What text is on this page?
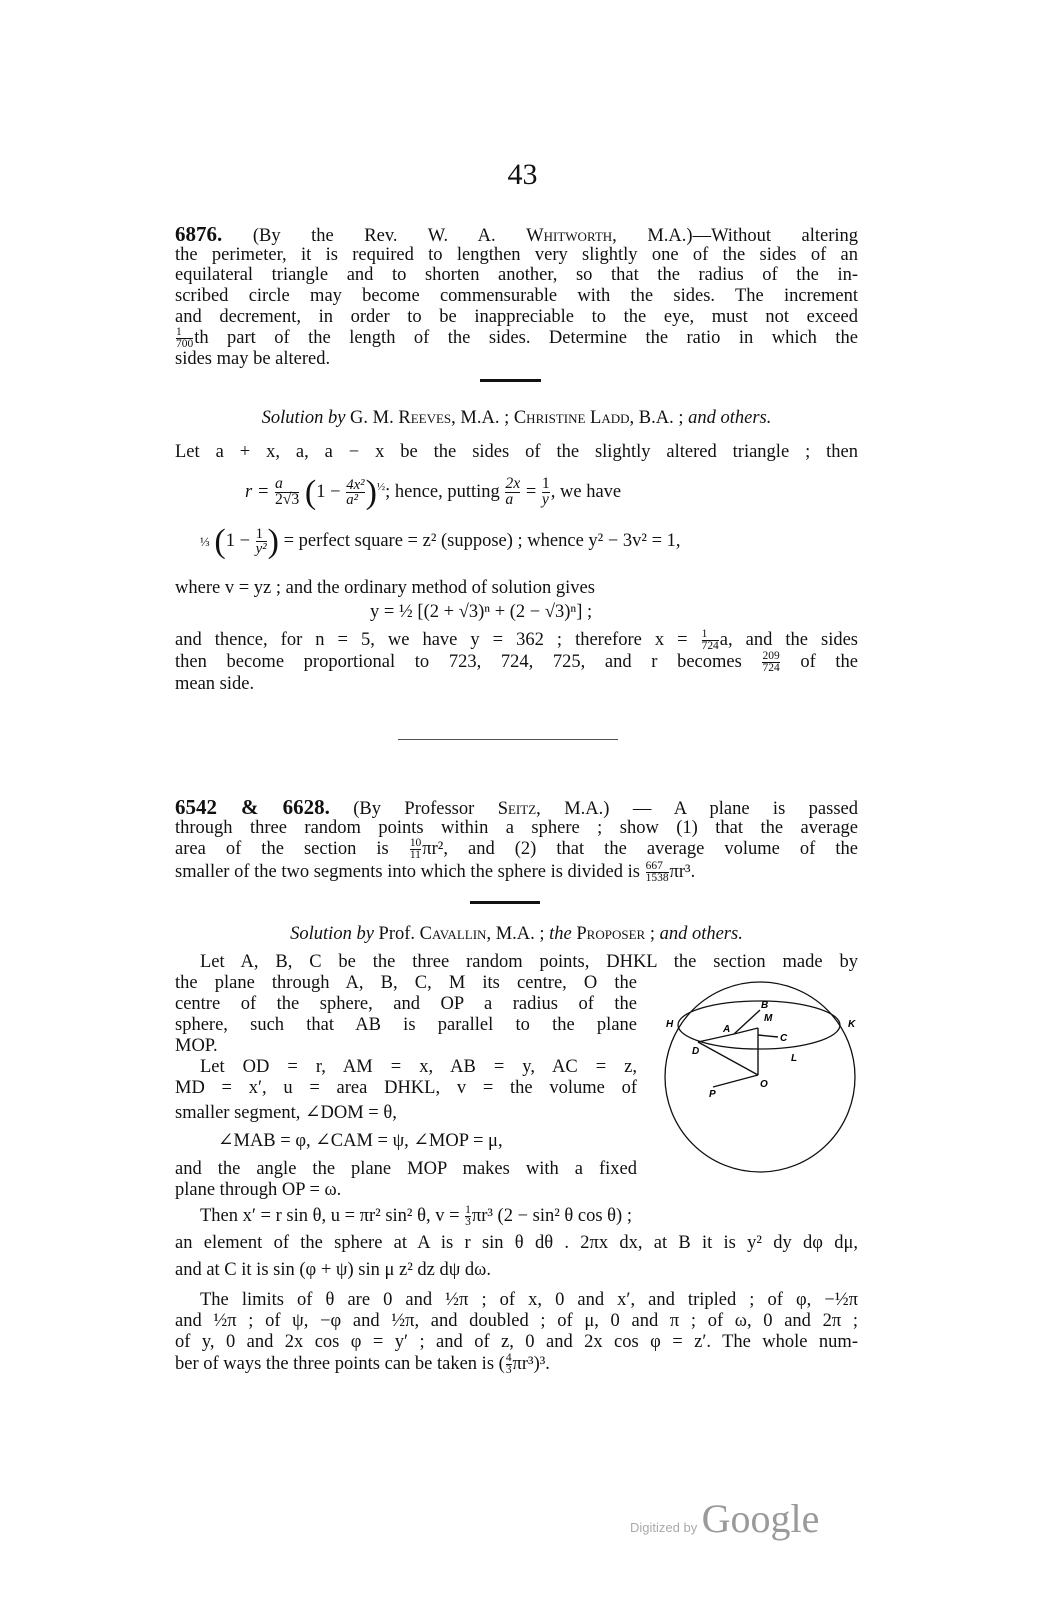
43
6876. (By the Rev. W. A. Whitworth, M.A.)—Without altering
the perimeter, it is required to lengthen very slightly one of the sides of an
equilateral triangle and to shorten another, so that the radius of the in-
scribed circle may become commensurable with the sides. The increment
and decrement, in order to be inappreciable to the eye, must not exceed
$\frac{1}{700}$ th part of the length of the sides. Determine the ratio in which the
sides may be altered.
Solution by G. M. Reeves, M.A. ; Christine Ladd, B.A. ; and others.
Let a + x, a, a − x be the sides of the slightly altered triangle ; then
$r = \frac{a}{2√3} (1 - \frac{\text{4x²}}{\text{a²}} )^{\frac{1}{2}}$; hence, putting $\frac{2x}{a} = \frac{1}{y}$ , we have
⅓ ($1 - \frac{1}{\text{y²}}$ ) = perfect square = z² (suppose) ; whence y² − 3v² = 1,
where v = yz ; and the ordinary method of solution gives
y = ½ [(2 + √3)ⁿ + (2 − √3)ⁿ] ;
and thence, for n = 5, we have y = 362 ; therefore $x = \frac{1}{724} a$, and the sides
then become proportional to 723, 724, 725, and r becomes $\frac{209}{724}$ of the
mean side.
6542 & 6628. (By Professor Seitz, M.A.) — A plane is passed
through three random points within a sphere ; show (1) that the average
area of the section is $\frac{10}{11} \pi r^2$, and (2) that the average volume of the
smaller of the two segments into which the sphere is divided is $\frac{667}{1538} \pi r^3$.
Solution by Prof. Cavallin, M.A. ; the Proposer ; and others.
Let A, B, C be the three random points, DHKL the section made by
the plane through A, B, C, M its centre, O the
centre of the sphere, and OP a radius of the
sphere, such that AB is parallel to the plane
MOP.
Let OD = r, AM = x, AB = y, AC = z,
MD = x′, u = area DHKL, v = the volume of
smaller segment, ∠DOM = θ,
∠MAB = φ, ∠CAM = ψ, ∠MOP = μ,
and the angle the plane MOP makes with a fixed
plane through OP = ω.
H	K
B
M
A
C
D
L
O
P
Then x′ = r sin θ, u = πr² sin² θ, $v = \frac{1}{3} \pi r^3$ (2 − sin² θ cos θ) ;
an element of the sphere at A is r sin θ dθ . 2πx dx, at B it is y² dy dφ dμ,
and at C it is sin (φ + ψ) sin μ z² dz dψ dω.
The limits of θ are 0 and ½π ; of x, 0 and x′, and tripled ; of φ, −½π
and ½π ; of ψ, −φ and ½π, and doubled ; of μ, 0 and π ; of ω, 0 and 2π ;
of y, 0 and 2x cos φ = y′ ; and of z, 0 and 2x cos φ = z′. The whole num-
ber of ways the three points can be taken is ( $\frac{4}{3} \pi r^3)^3$.
Digitized by Google
